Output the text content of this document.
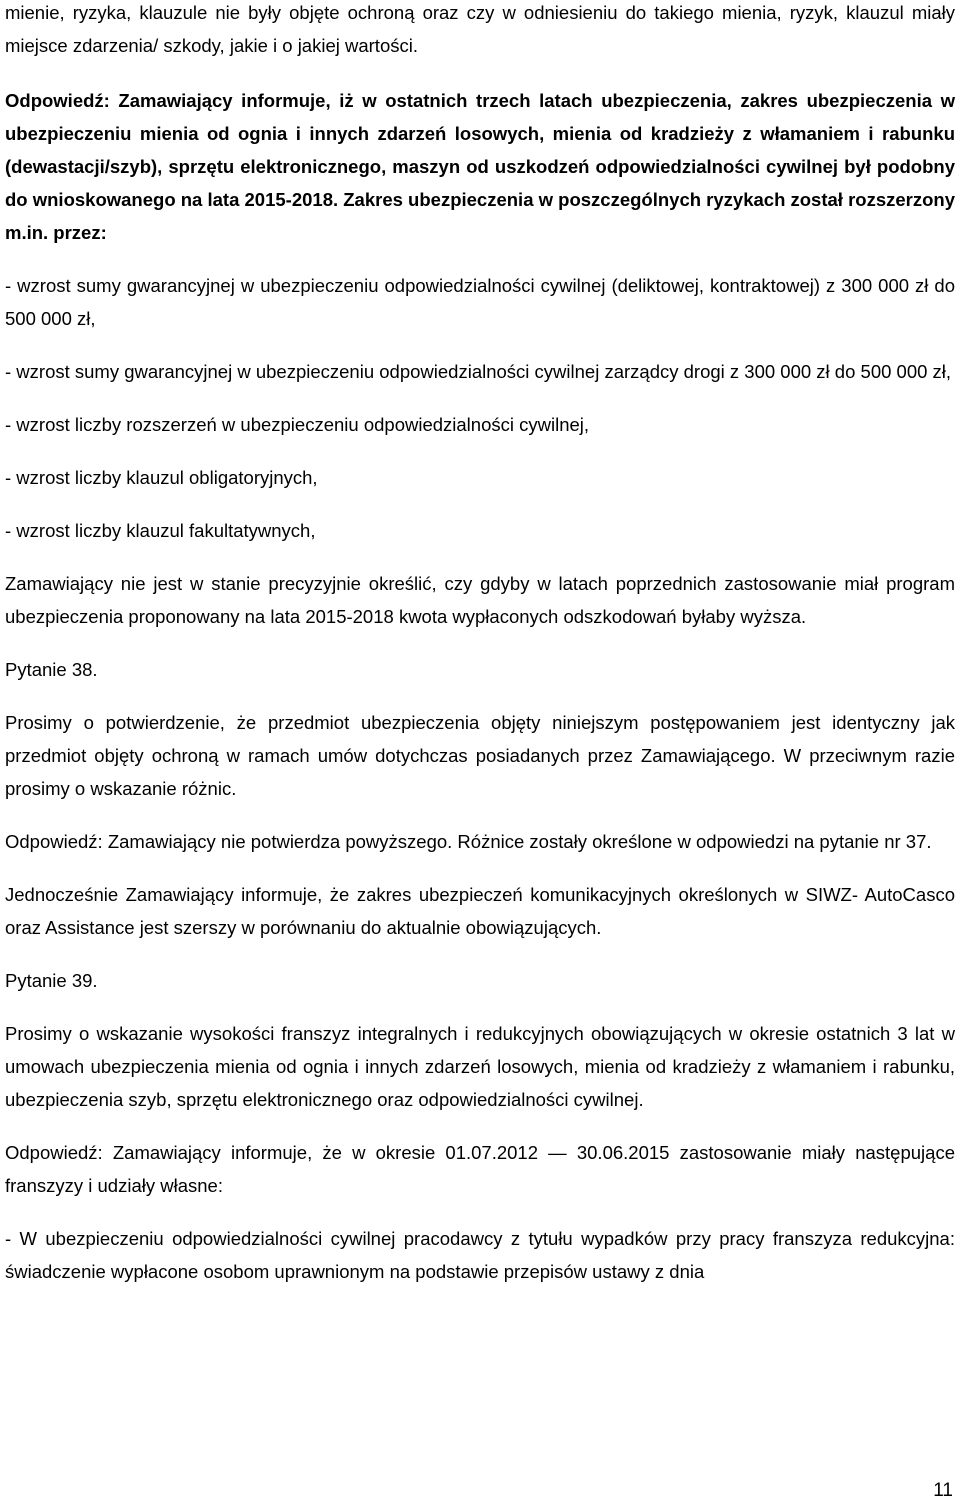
mienie, ryzyka, klauzule nie były objęte ochroną oraz czy w odniesieniu do takiego mienia, ryzyk, klauzul miały miejsce zdarzenia/ szkody, jakie i o jakiej wartości.

Odpowiedź: Zamawiający informuje, iż w ostatnich trzech latach ubezpieczenia, zakres ubezpieczenia w ubezpieczeniu mienia od ognia i innych zdarzeń losowych, mienia od kradzieży z włamaniem i rabunku (dewastacji/szyb), sprzętu elektronicznego, maszyn od uszkodzeń odpowiedzialności cywilnej był podobny do wnioskowanego na lata 2015-2018. Zakres ubezpieczenia w poszczególnych ryzykach został rozszerzony m.in. przez:

- wzrost sumy gwarancyjnej w ubezpieczeniu odpowiedzialności cywilnej (deliktowej, kontraktowej) z 300 000 zł do 500 000 zł,

- wzrost sumy gwarancyjnej w ubezpieczeniu odpowiedzialności cywilnej zarządcy drogi z 300 000 zł do 500 000 zł,

- wzrost liczby rozszerzeń w ubezpieczeniu odpowiedzialności cywilnej,

- wzrost liczby klauzul obligatoryjnych,

- wzrost liczby klauzul fakultatywnych,

Zamawiający nie jest w stanie precyzyjnie określić, czy gdyby w latach poprzednich zastosowanie miał program ubezpieczenia proponowany na lata 2015-2018 kwota wypłaconych odszkodowań byłaby wyższa.

Pytanie 38.

Prosimy o potwierdzenie, że przedmiot ubezpieczenia objęty niniejszym postępowaniem jest identyczny jak przedmiot objęty ochroną w ramach umów dotychczas posiadanych przez Zamawiającego. W przeciwnym razie prosimy o wskazanie różnic.

Odpowiedź: Zamawiający nie potwierdza powyższego. Różnice zostały określone w odpowiedzi na pytanie nr 37.

Jednocześnie Zamawiający informuje, że zakres ubezpieczeń komunikacyjnych określonych w SIWZ- AutoCasco oraz Assistance jest szerszy w porównaniu do aktualnie obowiązujących.

Pytanie 39.

Prosimy o wskazanie wysokości franszyz integralnych i redukcyjnych obowiązujących w okresie ostatnich 3 lat w umowach ubezpieczenia mienia od ognia i innych zdarzeń losowych, mienia od kradzieży z włamaniem i rabunku, ubezpieczenia szyb, sprzętu elektronicznego oraz odpowiedzialności cywilnej.

Odpowiedź: Zamawiający informuje, że w okresie 01.07.2012 — 30.06.2015 zastosowanie miały następujące franszyzy i udziały własne:

- W ubezpieczeniu odpowiedzialności cywilnej pracodawcy z tytułu wypadków przy pracy franszyza redukcyjna: świadczenie wypłacone osobom uprawnionym na podstawie przepisów ustawy z dnia

11
